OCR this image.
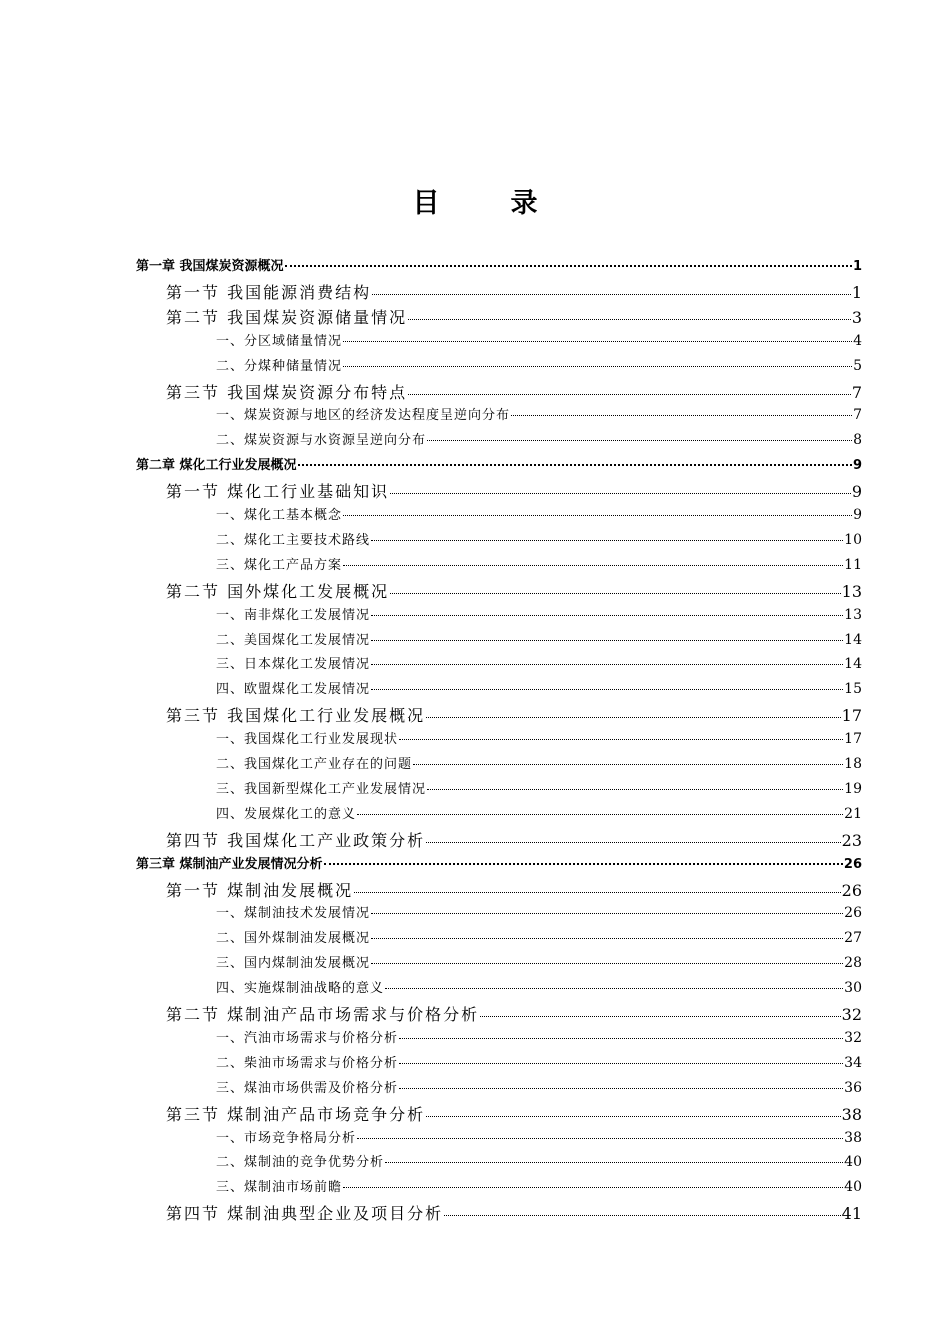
目　录
第一章 我国煤炭资源概况	1
第一节 我国能源消费结构	1
第二节 我国煤炭资源储量情况	3
一、分区域储量情况	4
二、分煤种储量情况	5
第三节 我国煤炭资源分布特点	7
一、煤炭资源与地区的经济发达程度呈逆向分布	7
二、煤炭资源与水资源呈逆向分布	8
第二章 煤化工行业发展概况	9
第一节 煤化工行业基础知识	9
一、煤化工基本概念	9
二、煤化工主要技术路线	10
三、煤化工产品方案	11
第二节 国外煤化工发展概况	13
一、南非煤化工发展情况	13
二、美国煤化工发展情况	14
三、日本煤化工发展情况	14
四、欧盟煤化工发展情况	15
第三节 我国煤化工行业发展概况	17
一、我国煤化工行业发展现状	17
二、我国煤化工产业存在的问题	18
三、我国新型煤化工产业发展情况	19
四、发展煤化工的意义	21
第四节 我国煤化工产业政策分析	23
第三章 煤制油产业发展情况分析	26
第一节 煤制油发展概况	26
一、煤制油技术发展情况	26
二、国外煤制油发展概况	27
三、国内煤制油发展概况	28
四、实施煤制油战略的意义	30
第二节 煤制油产品市场需求与价格分析	32
一、汽油市场需求与价格分析	32
二、柴油市场需求与价格分析	34
三、煤油市场供需及价格分析	36
第三节 煤制油产品市场竞争分析	38
一、市场竞争格局分析	38
二、煤制油的竞争优势分析	40
三、煤制油市场前瞻	40
第四节 煤制油典型企业及项目分析	41
